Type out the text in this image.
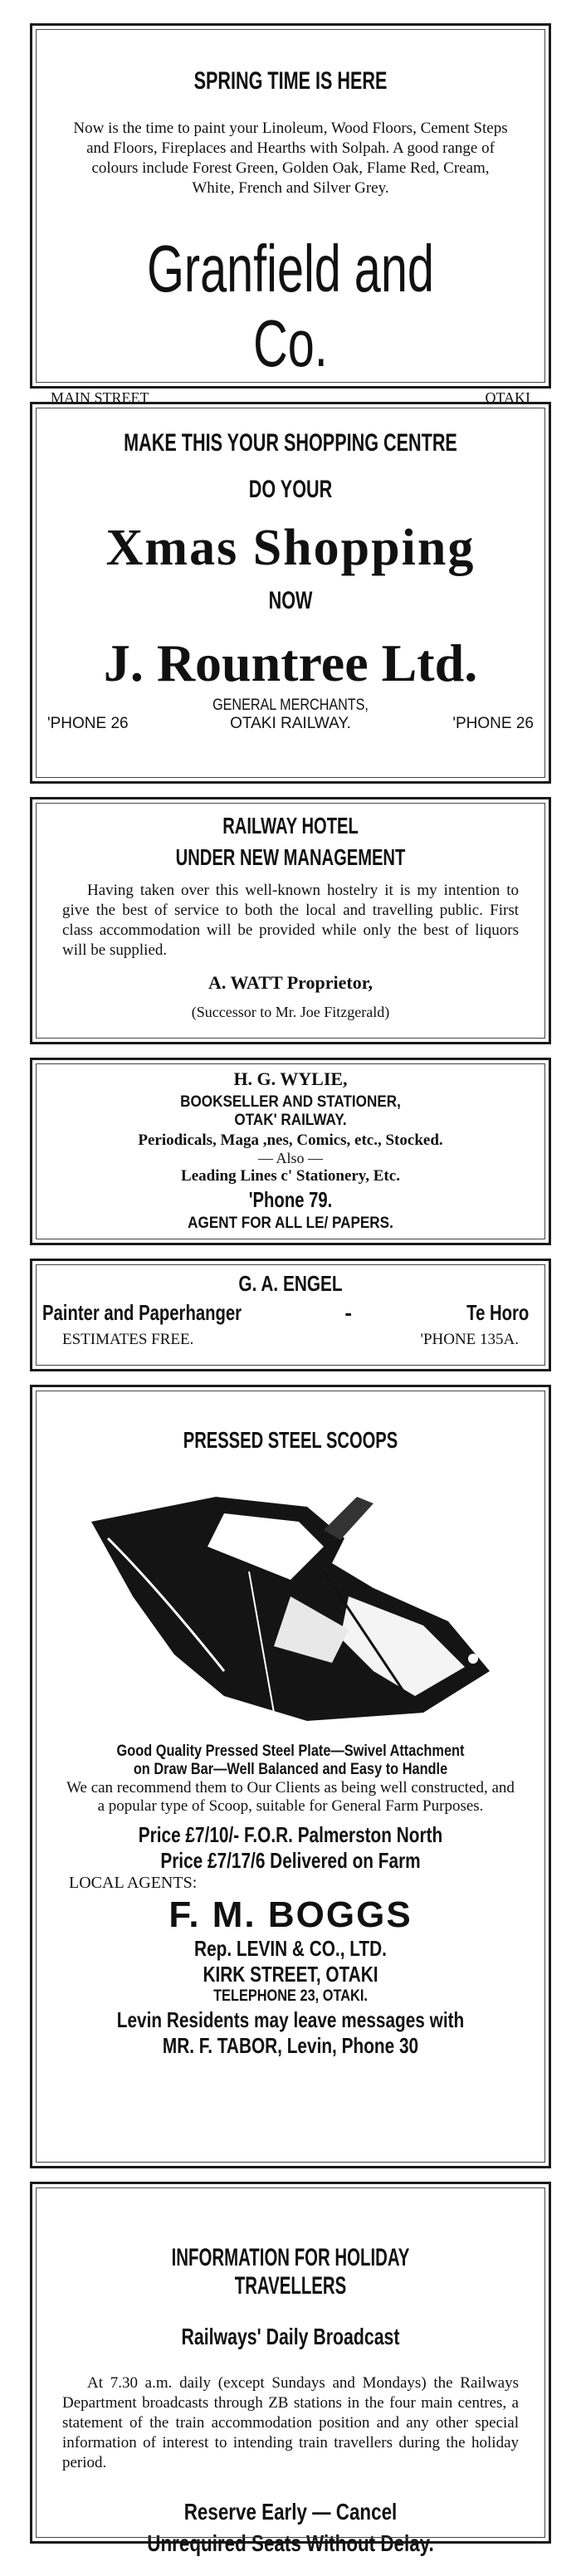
SPRING TIME IS HERE

Now is the time to paint your Linoleum, Wood Floors, Cement Steps and Floors, Fireplaces and Hearths with Solpah. A good range of colours include Forest Green, Golden Oak, Flame Red, Cream, White, French and Silver Grey.

Granfield and Co.

MAIN STREET	OTAKI

MAKE THIS YOUR SHOPPING CENTRE

DO YOUR

Xmas Shopping

NOW

J. Rountree Ltd.

GENERAL MERCHANTS,

'PHONE 26	OTAKI RAILWAY.	'PHONE 26

RAILWAY HOTEL

UNDER NEW MANAGEMENT

Having taken over this well-known hostelry it is my intention to give the best of service to both the local and travelling public. First class accommodation will be provided while only the best of liquors will be supplied.

A. WATT Proprietor,

(Successor to Mr. Joe Fitzgerald)

H. G. WYLIE,

BOOKSELLER AND STATIONER,

OTAK' RAILWAY.

Periodicals, Maga ,nes, Comics, etc., Stocked.

— Also —

Leading Lines c' Stationery, Etc.

'Phone 79.

AGENT FOR ALL LE/ PAPERS.

G. A. ENGEL

Painter and Paperhanger	-	Te Horo
ESTIMATES FREE.	'PHONE 135A.

PRESSED STEEL SCOOPS

Good Quality Pressed Steel Plate—Swivel Attachment

on Draw Bar—Well Balanced and Easy to Handle

We can recommend them to Our Clients as being well constructed, and a popular type of Scoop, suitable for General Farm Purposes.

Price £7/10/- F.O.R. Palmerston North

Price £7/17/6 Delivered on Farm

LOCAL AGENTS:

F. M. BOGGS

Rep. LEVIN & CO., LTD.

KIRK STREET, OTAKI

TELEPHONE 23, OTAKI.

Levin Residents may leave messages with

MR. F. TABOR, Levin, Phone 30

INFORMATION FOR HOLIDAY TRAVELLERS

Railways' Daily Broadcast

At 7.30 a.m. daily (except Sundays and Mondays) the Railways Department broadcasts through ZB stations in the four main centres, a statement of the train accommodation position and any other special information of interest to intending train travellers during the holiday period.

Reserve Early — Cancel Unrequired Seats Without Delay.
